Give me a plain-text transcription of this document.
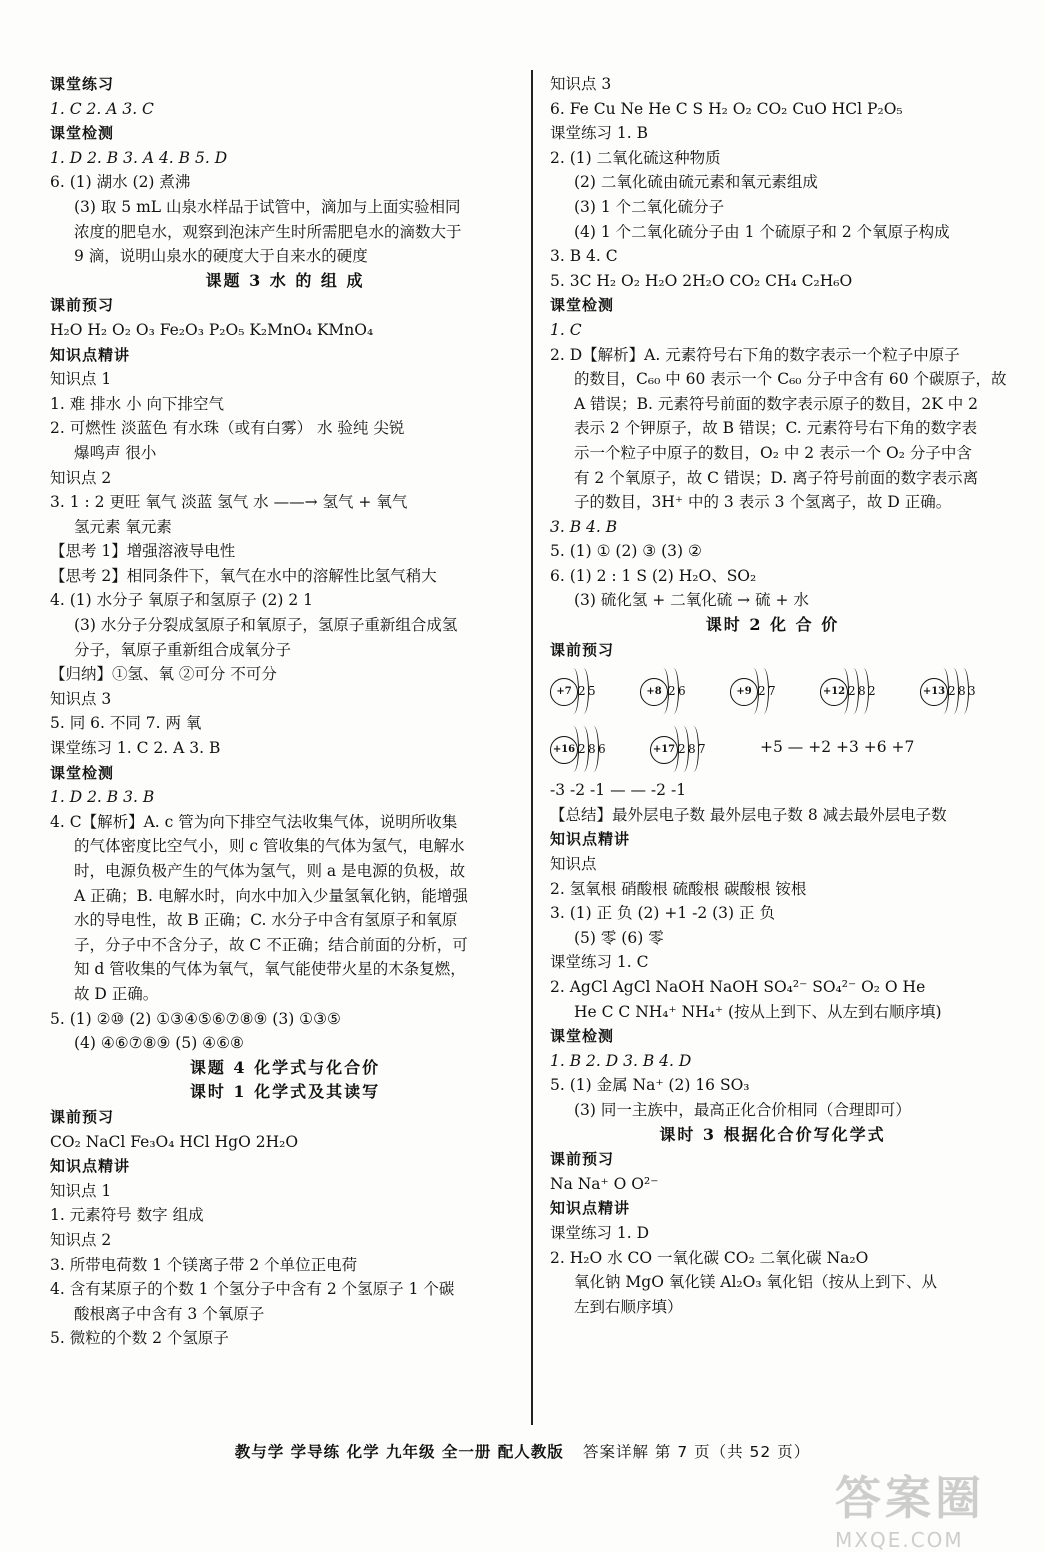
课堂练习
1. C 2. A 3. C
课堂检测
1. D 2. B 3. A 4. B 5. D
6. (1) 湖水 (2) 煮沸
(3) 取 5 mL 山泉水样品于试管中，滴加与上面实验相同
浓度的肥皂水，观察到泡沫产生时所需肥皂水的滴数大于
9 滴，说明山泉水的硬度大于自来水的硬度
课题 3 水 的 组 成
课前预习
H₂O H₂ O₂ O₃ Fe₂O₃ P₂O₅ K₂MnO₄ KMnO₄
知识点精讲
知识点 1
1. 难 排水 小 向下排空气
2. 可燃性 淡蓝色 有水珠（或有白雾） 水 验纯 尖锐
爆鸣声 很小
知识点 2
3. 1 : 2 更旺 氧气 淡蓝 氢气 水 ——→ 氢气 + 氧气
氢元素 氧元素
【思考 1】增强溶液导电性
【思考 2】相同条件下，氧气在水中的溶解性比氢气稍大
4. (1) 水分子 氧原子和氢原子 (2) 2 1
(3) 水分子分裂成氢原子和氧原子，氢原子重新组合成氢
分子，氧原子重新组合成氧分子
【归纳】①氢、氧 ②可分 不可分
知识点 3
5. 同 6. 不同 7. 两 氧
课堂练习 1. C 2. A 3. B
课堂检测
1. D 2. B 3. B
4. C【解析】A. c 管为向下排空气法收集气体，说明所收集
的气体密度比空气小，则 c 管收集的气体为氢气，电解水
时，电源负极产生的气体为氢气，则 a 是电源的负极，故
A 正确；B. 电解水时，向水中加入少量氢氧化钠，能增强
水的导电性，故 B 正确；C. 水分子中含有氢原子和氧原
子，分子中不含分子，故 C 不正确；结合前面的分析，可
知 d 管收集的气体为氧气，氧气能使带火星的木条复燃，
故 D 正确。
5. (1) ②⑩ (2) ①③④⑤⑥⑦⑧⑨ (3) ①③⑤
(4) ④⑥⑦⑧⑨ (5) ④⑥⑧
课题 4 化学式与化合价
课时 1 化学式及其读写
课前预习
CO₂ NaCl Fe₃O₄ HCl HgO 2H₂O
知识点精讲
知识点 1
1. 元素符号 数字 组成
知识点 2
3. 所带电荷数 1 个镁离子带 2 个单位正电荷
4. 含有某原子的个数 1 个氢分子中含有 2 个氢原子 1 个碳
酸根离子中含有 3 个氧原子
5. 微粒的个数 2 个氢原子
知识点 3
6. Fe Cu Ne He C S H₂ O₂ CO₂ CuO HCl P₂O₅
课堂练习 1. B
2. (1) 二氧化硫这种物质
(2) 二氧化硫由硫元素和氧元素组成
(3) 1 个二氧化硫分子
(4) 1 个二氧化硫分子由 1 个硫原子和 2 个氧原子构成
3. B 4. C
5. 3C H₂ O₂ H₂O 2H₂O CO₂ CH₄ C₂H₆O
课堂检测
1. C
2. D【解析】A. 元素符号右下角的数字表示一个粒子中原子
的数目，C₆₀ 中 60 表示一个 C₆₀ 分子中含有 60 个碳原子，故
A 错误；B. 元素符号前面的数字表示原子的数目，2K 中 2
表示 2 个钾原子，故 B 错误；C. 元素符号右下角的数字表
示一个粒子中原子的数目，O₂ 中 2 表示一个 O₂ 分子中含
有 2 个氧原子，故 C 错误；D. 离子符号前面的数字表示离
子的数目，3H⁺ 中的 3 表示 3 个氢离子，故 D 正确。
3. B 4. B
5. (1) ① (2) ③ (3) ②
6. (1) 2 : 1 S (2) H₂O、SO₂
(3) 硫化氢 + 二氧化硫 → 硫 + 水
课时 2 化 合 价
课前预习
+7 2 5	+8 2 6	+9 2 7	+12 2 8 2	+13 2 8 3
+16 2 8 6	+17 2 8 7	+5 — +2 +3 +6 +7
-3 -2 -1 — — -2 -1
【总结】最外层电子数 最外层电子数 8 减去最外层电子数
知识点精讲
知识点
2. 氢氧根 硝酸根 硫酸根 碳酸根 铵根
3. (1) 正 负 (2) +1 -2 (3) 正 负
(5) 零 (6) 零
课堂练习 1. C
2. AgCl AgCl NaOH NaOH SO₄²⁻ SO₄²⁻ O₂ O He
He C C NH₄⁺ NH₄⁺ (按从上到下、从左到右顺序填)
课堂检测
1. B 2. D 3. B 4. D
5. (1) 金属 Na⁺ (2) 16 SO₃
(3) 同一主族中，最高正化合价相同（合理即可）
课时 3 根据化合价写化学式
课前预习
Na Na⁺ O O²⁻
知识点精讲
课堂练习 1. D
2. H₂O 水 CO 一氧化碳 CO₂ 二氧化碳 Na₂O
氧化钠 MgO 氧化镁 Al₂O₃ 氧化铝（按从上到下、从
左到右顺序填）
教与学 学导练 化学 九年级 全一册 配人教版 答案详解 第 7 页（共 52 页）
答案圈
MXQE.COM
